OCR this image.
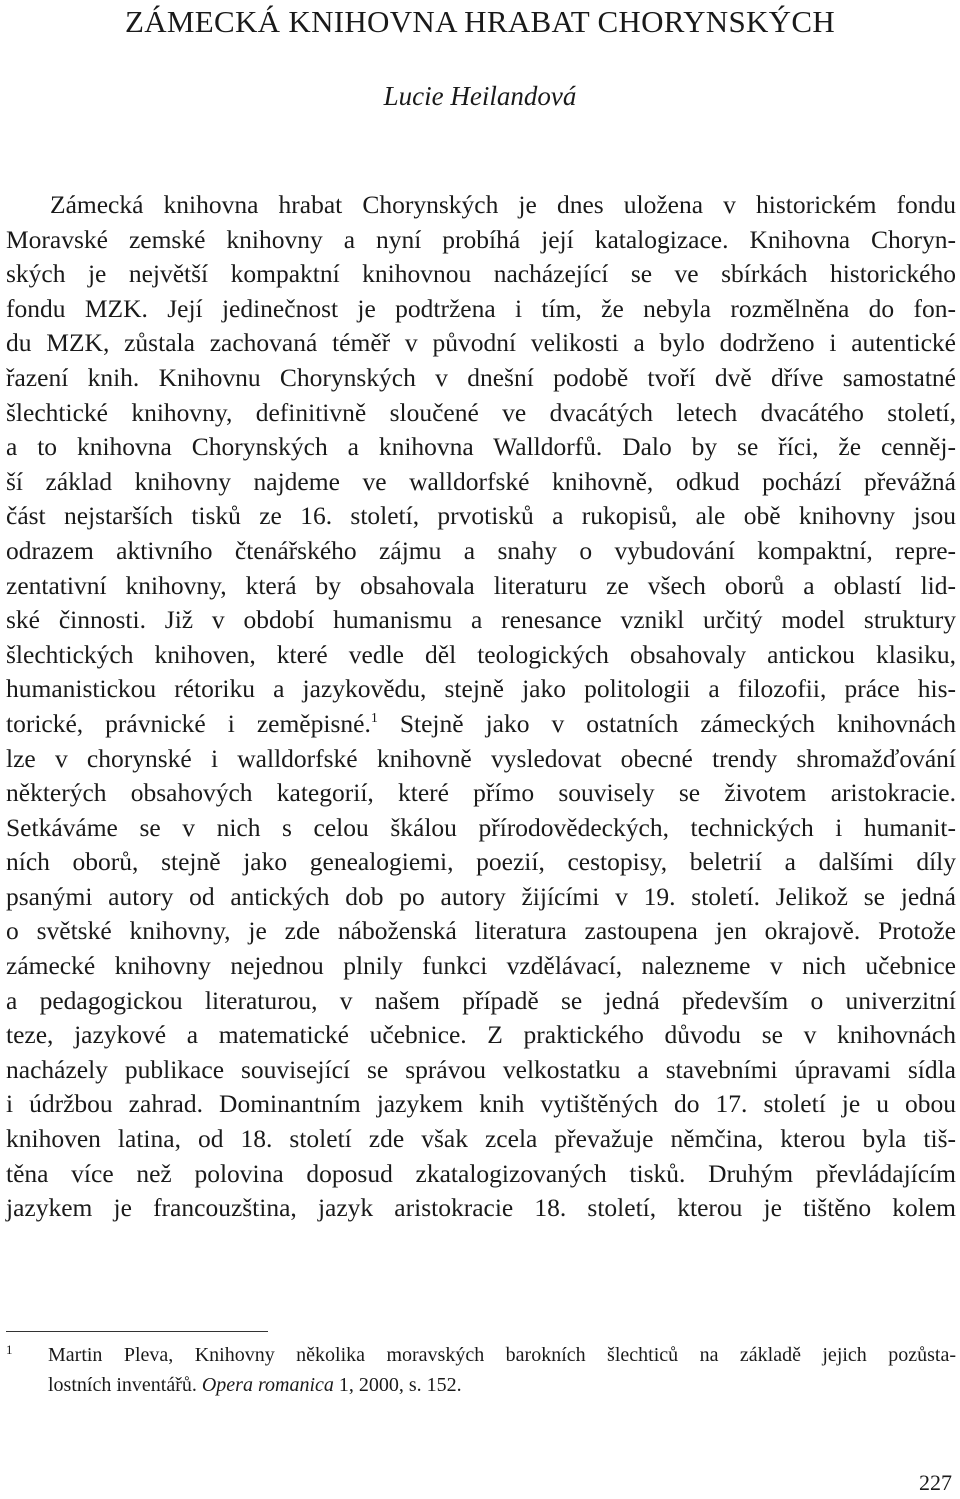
ZÁMECKÁ KNIHOVNA HRABAT CHORYNSKÝCH

Lucie Heilandová

Zámecká knihovna hrabat Chorynských je dnes uložena v historickém fondu
Moravské zemské knihovny a nyní probíhá její katalogizace. Knihovna Choryn-
ských je největší kompaktní knihovnou nacházející se ve sbírkách historického
fondu MZK. Její jedinečnost je podtržena i tím, že nebyla rozmělněna do fon-
du MZK, zůstala zachovaná téměř v původní velikosti a bylo dodrženo i autentické
řazení knih. Knihovnu Chorynských v dnešní podobě tvoří dvě dříve samostatné
šlechtické knihovny, definitivně sloučené ve dvacátých letech dvacátého století,
a to knihovna Chorynských a knihovna Walldorfů. Dalo by se říci, že cenněj-
ší základ knihovny najdeme ve walldorfské knihovně, odkud pochází převážná
část nejstarších tisků ze 16. století, prvotisků a rukopisů, ale obě knihovny jsou
odrazem aktivního čtenářského zájmu a snahy o vybudování kompaktní, repre-
zentativní knihovny, která by obsahovala literaturu ze všech oborů a oblastí lid-
ské činnosti. Již v období humanismu a renesance vznikl určitý model struktury
šlechtických knihoven, které vedle děl teologických obsahovaly antickou klasiku,
humanistickou rétoriku a jazykovědu, stejně jako politologii a filozofii, práce his-
torické, právnické i zeměpisné.$^1$ Stejně jako v ostatních zámeckých knihovnách
lze v chorynské i walldorfské knihovně vysledovat obecné trendy shromažďování
některých obsahových kategorií, které přímo souvisely se životem aristokracie.
Setkáváme se v nich s celou škálou přírodovědeckých, technických i humanit-
ních oborů, stejně jako genealogiemi, poezií, cestopisy, beletrií a dalšími díly
psanými autory od antických dob po autory žijícími v 19. století. Jelikož se jedná
o světské knihovny, je zde náboženská literatura zastoupena jen okrajově. Protože
zámecké knihovny nejednou plnily funkci vzdělávací, nalezneme v nich učebnice
a pedagogickou literaturou, v našem případě se jedná především o univerzitní
teze, jazykové a matematické učebnice. Z praktického důvodu se v knihovnách
nacházely publikace související se správou velkostatku a stavebními úpravami sídla
i údržbou zahrad. Dominantním jazykem knih vytištěných do 17. století je u obou
knihoven latina, od 18. století zde však zcela převažuje němčina, kterou byla tiš-
těna více než polovina doposud zkatalogizovaných tisků. Druhým převládajícím
jazykem je francouzština, jazyk aristokracie 18. století, kterou je tištěno kolem
1 Martin Pleva, Knihovny několika moravských barokních šlechticů na základě jejich pozůsta-
lostních inventářů. Opera romanica 1, 2000, s. 152.
227
